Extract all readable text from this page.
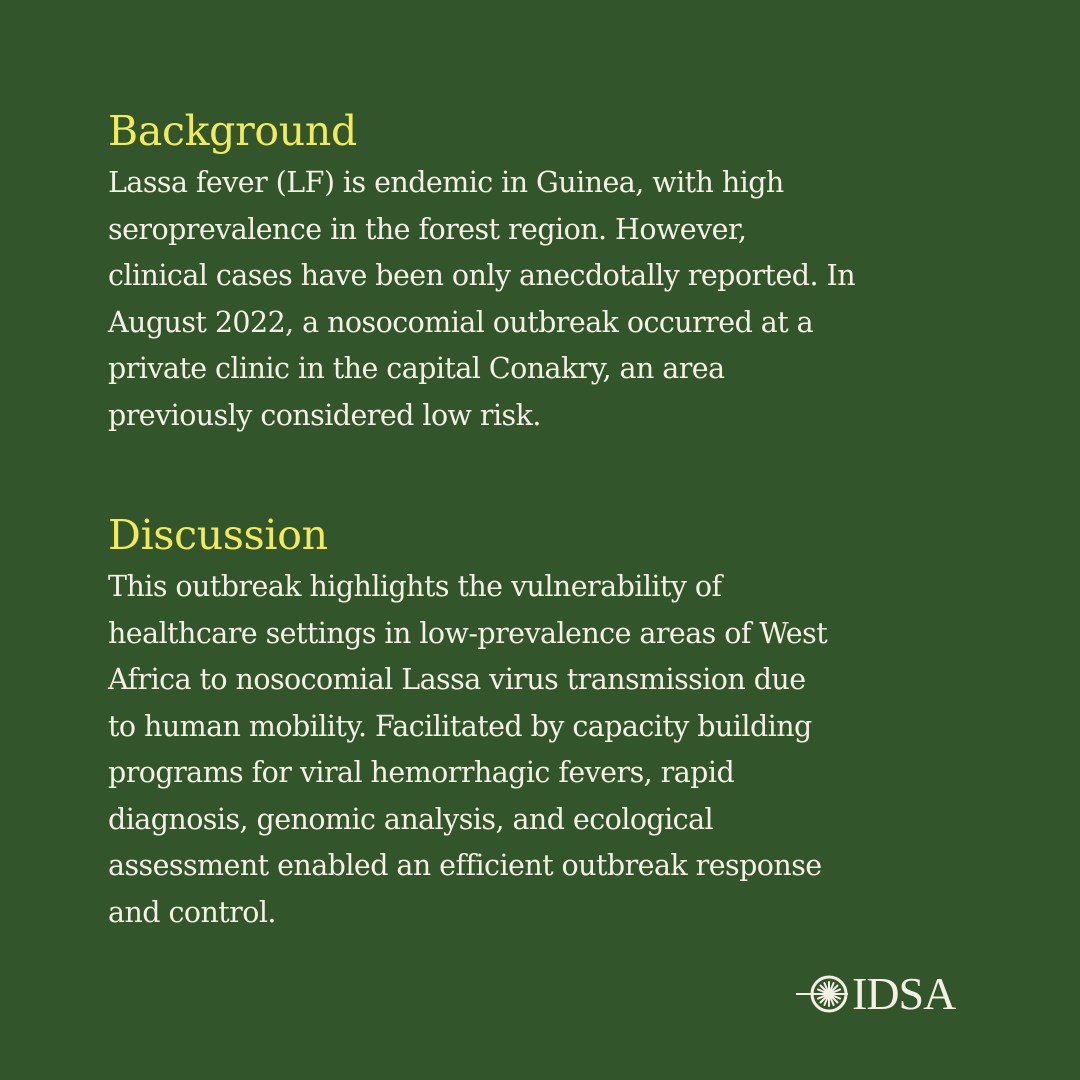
Background

Lassa fever (LF) is endemic in Guinea, with high
seroprevalence in the forest region. However,
clinical cases have been only anecdotally reported. In
August 2022, a nosocomial outbreak occurred at a
private clinic in the capital Conakry, an area
previously considered low risk.

Discussion

This outbreak highlights the vulnerability of
healthcare settings in low-prevalence areas of West
Africa to nosocomial Lassa virus transmission due
to human mobility. Facilitated by capacity building
programs for viral hemorrhagic fevers, rapid
diagnosis, genomic analysis, and ecological
assessment enabled an efficient outbreak response
and control.

IDSA
